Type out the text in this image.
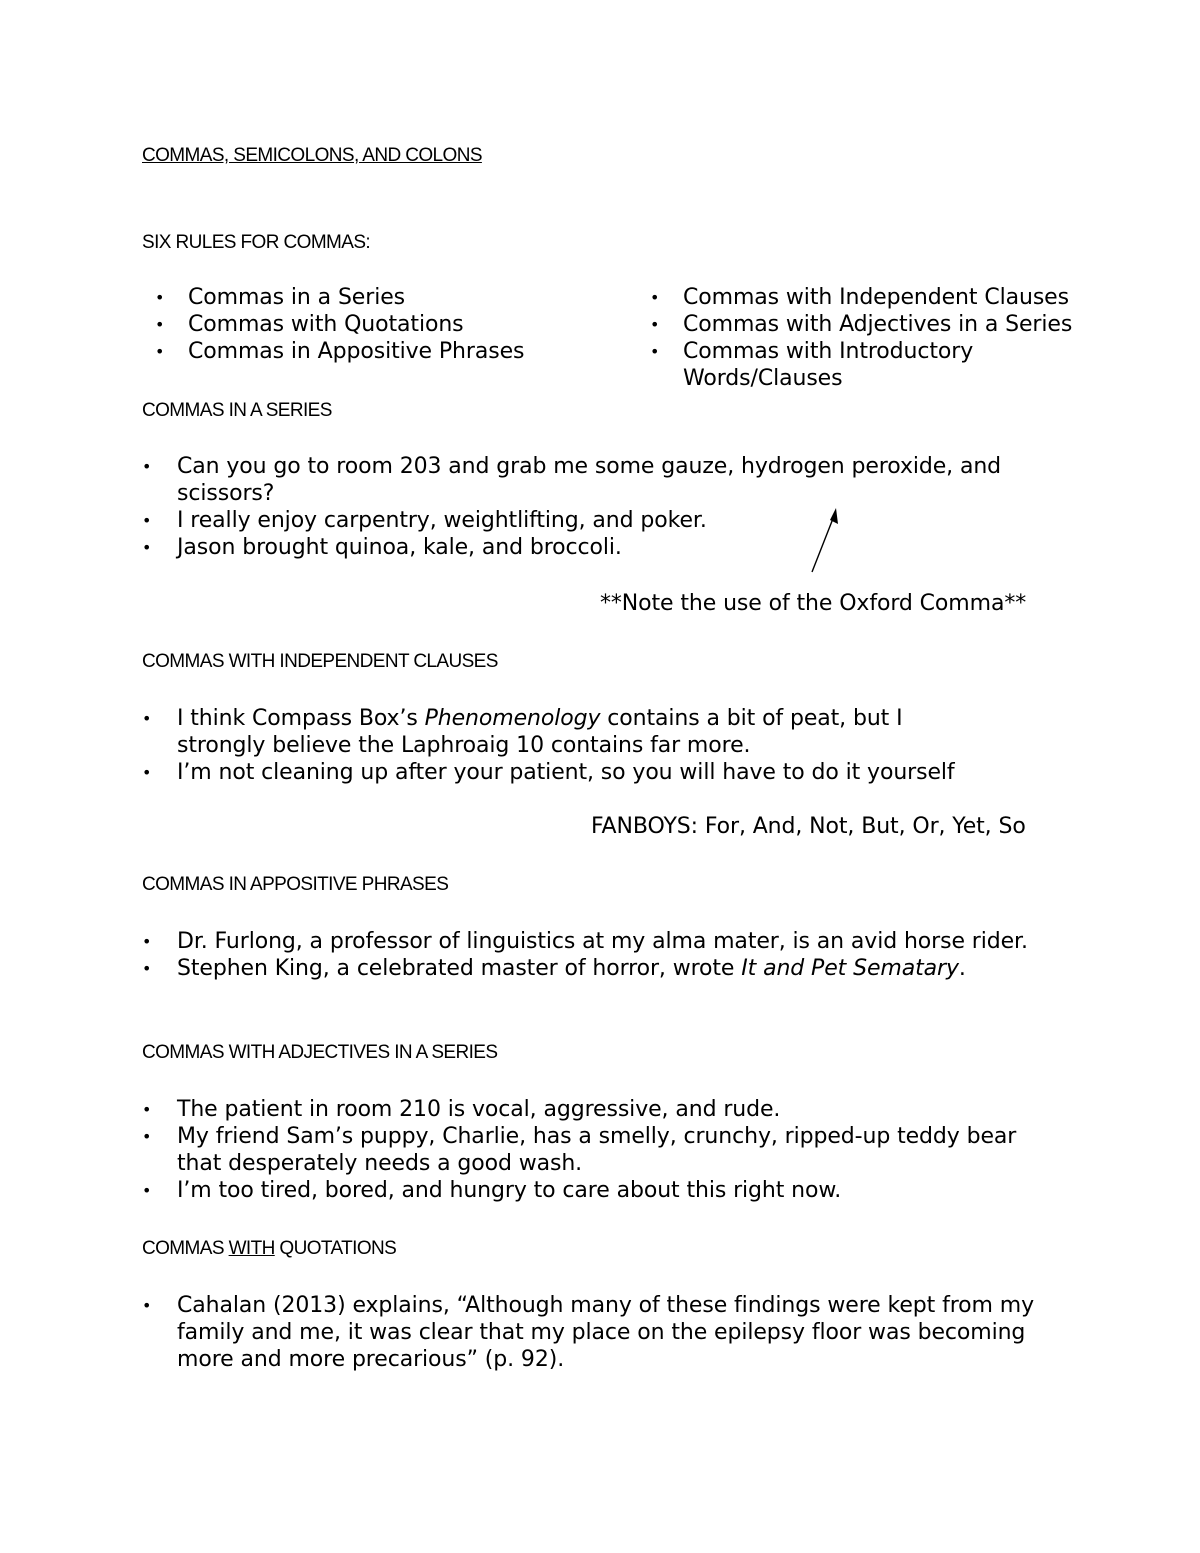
COMMAS, SEMICOLONS, AND COLONS
SIX RULES FOR COMMAS:
• Commas in a Series
• Commas with Quotations
• Commas in Appositive Phrases
• Commas with Independent Clauses
• Commas with Adjectives in a Series
• Commas with Introductory Words/Clauses
COMMAS IN A SERIES
• Can you go to room 203 and grab me some gauze, hydrogen peroxide, and scissors?
• I really enjoy carpentry, weightlifting, and poker.
• Jason brought quinoa, kale, and broccoli.
**Note the use of the Oxford Comma**
COMMAS WITH INDEPENDENT CLAUSES
• I think Compass Box’s Phenomenology contains a bit of peat, but I strongly believe the Laphroaig 10 contains far more.
• I’m not cleaning up after your patient, so you will have to do it yourself
FANBOYS: For, And, Not, But, Or, Yet, So
COMMAS IN APPOSITIVE PHRASES
• Dr. Furlong, a professor of linguistics at my alma mater, is an avid horse rider.
• Stephen King, a celebrated master of horror, wrote It and Pet Sematary.
COMMAS WITH ADJECTIVES IN A SERIES
• The patient in room 210 is vocal, aggressive, and rude.
• My friend Sam’s puppy, Charlie, has a smelly, crunchy, ripped-up teddy bear that desperately needs a good wash.
• I’m too tired, bored, and hungry to care about this right now.
COMMAS WITH QUOTATIONS
• Cahalan (2013) explains, “Although many of these findings were kept from my family and me, it was clear that my place on the epilepsy floor was becoming more and more precarious” (p. 92).
